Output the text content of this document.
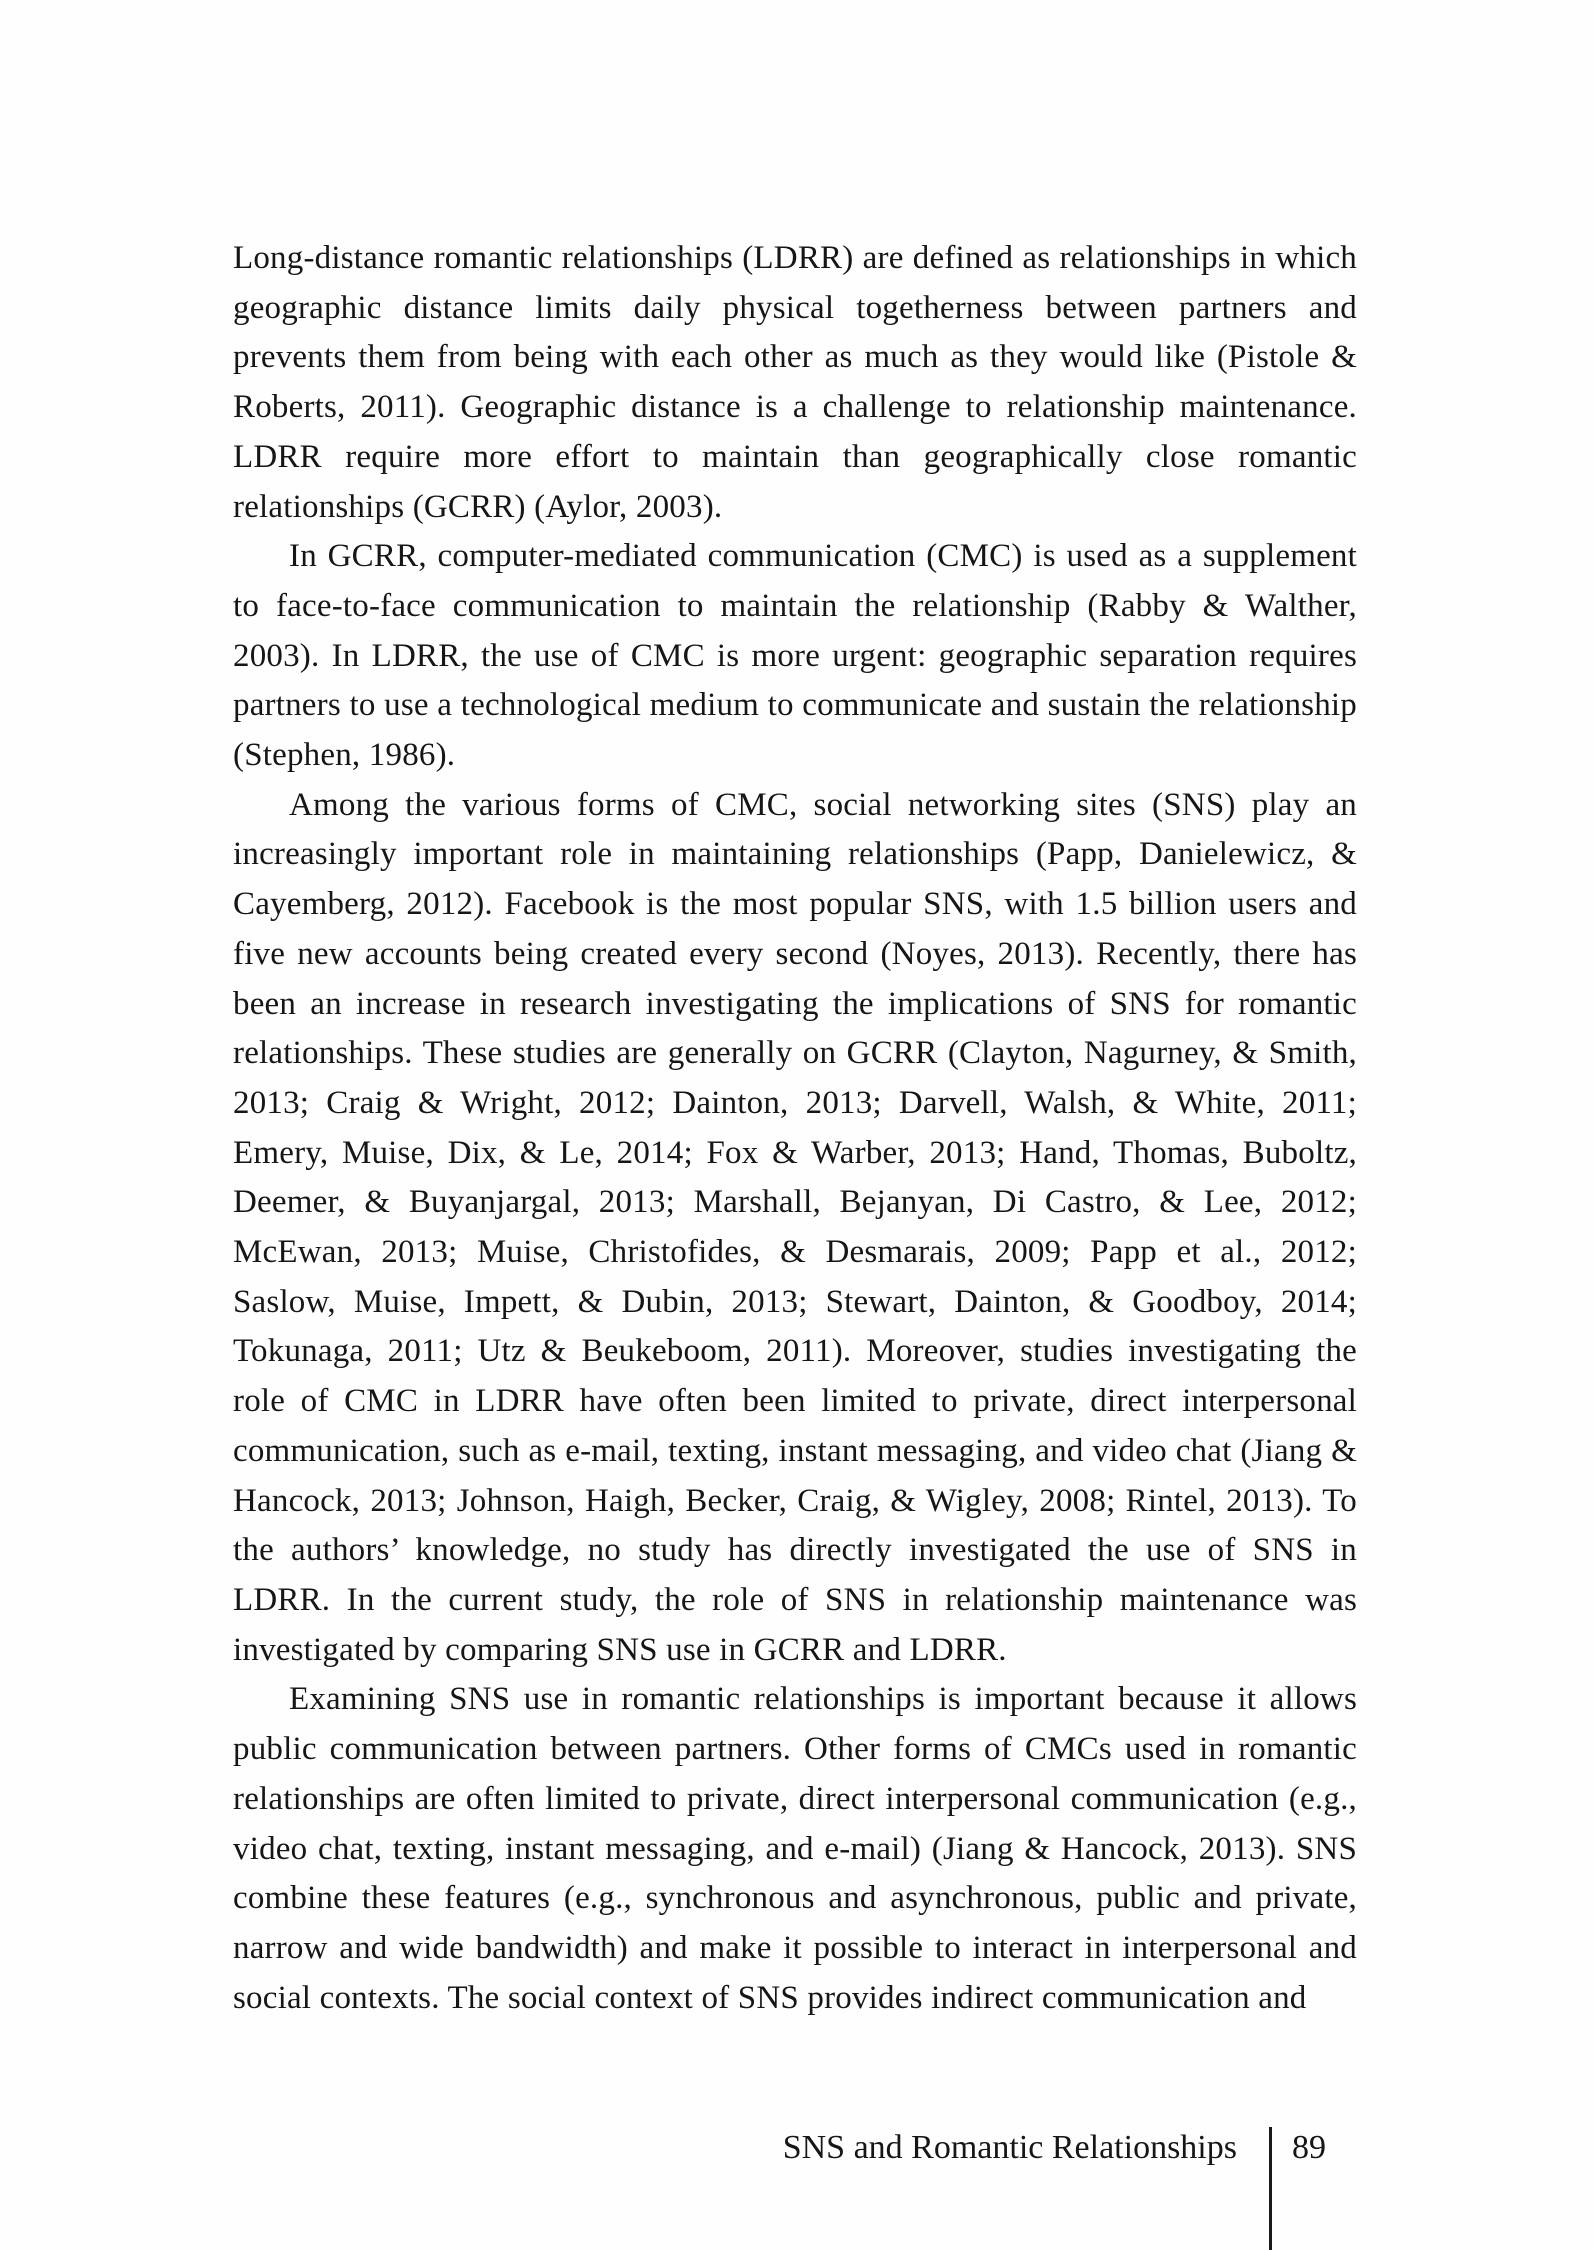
Long-distance romantic relationships (LDRR) are defined as relationships in which geographic distance limits daily physical togetherness between partners and prevents them from being with each other as much as they would like (Pistole & Roberts, 2011). Geographic distance is a challenge to relationship maintenance. LDRR require more effort to maintain than geographically close romantic relationships (GCRR) (Aylor, 2003).

In GCRR, computer-mediated communication (CMC) is used as a supplement to face-to-face communication to maintain the relationship (Rabby & Walther, 2003). In LDRR, the use of CMC is more urgent: geographic separation requires partners to use a technological medium to communicate and sustain the relationship (Stephen, 1986).

Among the various forms of CMC, social networking sites (SNS) play an increasingly important role in maintaining relationships (Papp, Danielewicz, & Cayemberg, 2012). Facebook is the most popular SNS, with 1.5 billion users and five new accounts being created every second (Noyes, 2013). Recently, there has been an increase in research investigating the implications of SNS for romantic relationships. These studies are generally on GCRR (Clayton, Nagurney, & Smith, 2013; Craig & Wright, 2012; Dainton, 2013; Darvell, Walsh, & White, 2011; Emery, Muise, Dix, & Le, 2014; Fox & Warber, 2013; Hand, Thomas, Buboltz, Deemer, & Buyanjargal, 2013; Marshall, Bejanyan, Di Castro, & Lee, 2012; McEwan, 2013; Muise, Christofides, & Desmarais, 2009; Papp et al., 2012; Saslow, Muise, Impett, & Dubin, 2013; Stewart, Dainton, & Goodboy, 2014; Tokunaga, 2011; Utz & Beukeboom, 2011). Moreover, studies investigating the role of CMC in LDRR have often been limited to private, direct interpersonal communication, such as e-mail, texting, instant messaging, and video chat (Jiang & Hancock, 2013; Johnson, Haigh, Becker, Craig, & Wigley, 2008; Rintel, 2013). To the authors’ knowledge, no study has directly investigated the use of SNS in LDRR. In the current study, the role of SNS in relationship maintenance was investigated by comparing SNS use in GCRR and LDRR.

Examining SNS use in romantic relationships is important because it allows public communication between partners. Other forms of CMCs used in romantic relationships are often limited to private, direct interpersonal communication (e.g., video chat, texting, instant messaging, and e-mail) (Jiang & Hancock, 2013). SNS combine these features (e.g., synchronous and asynchronous, public and private, narrow and wide bandwidth) and make it possible to interact in interpersonal and social contexts. The social context of SNS provides indirect communication and

SNS and Romantic Relationships	89
